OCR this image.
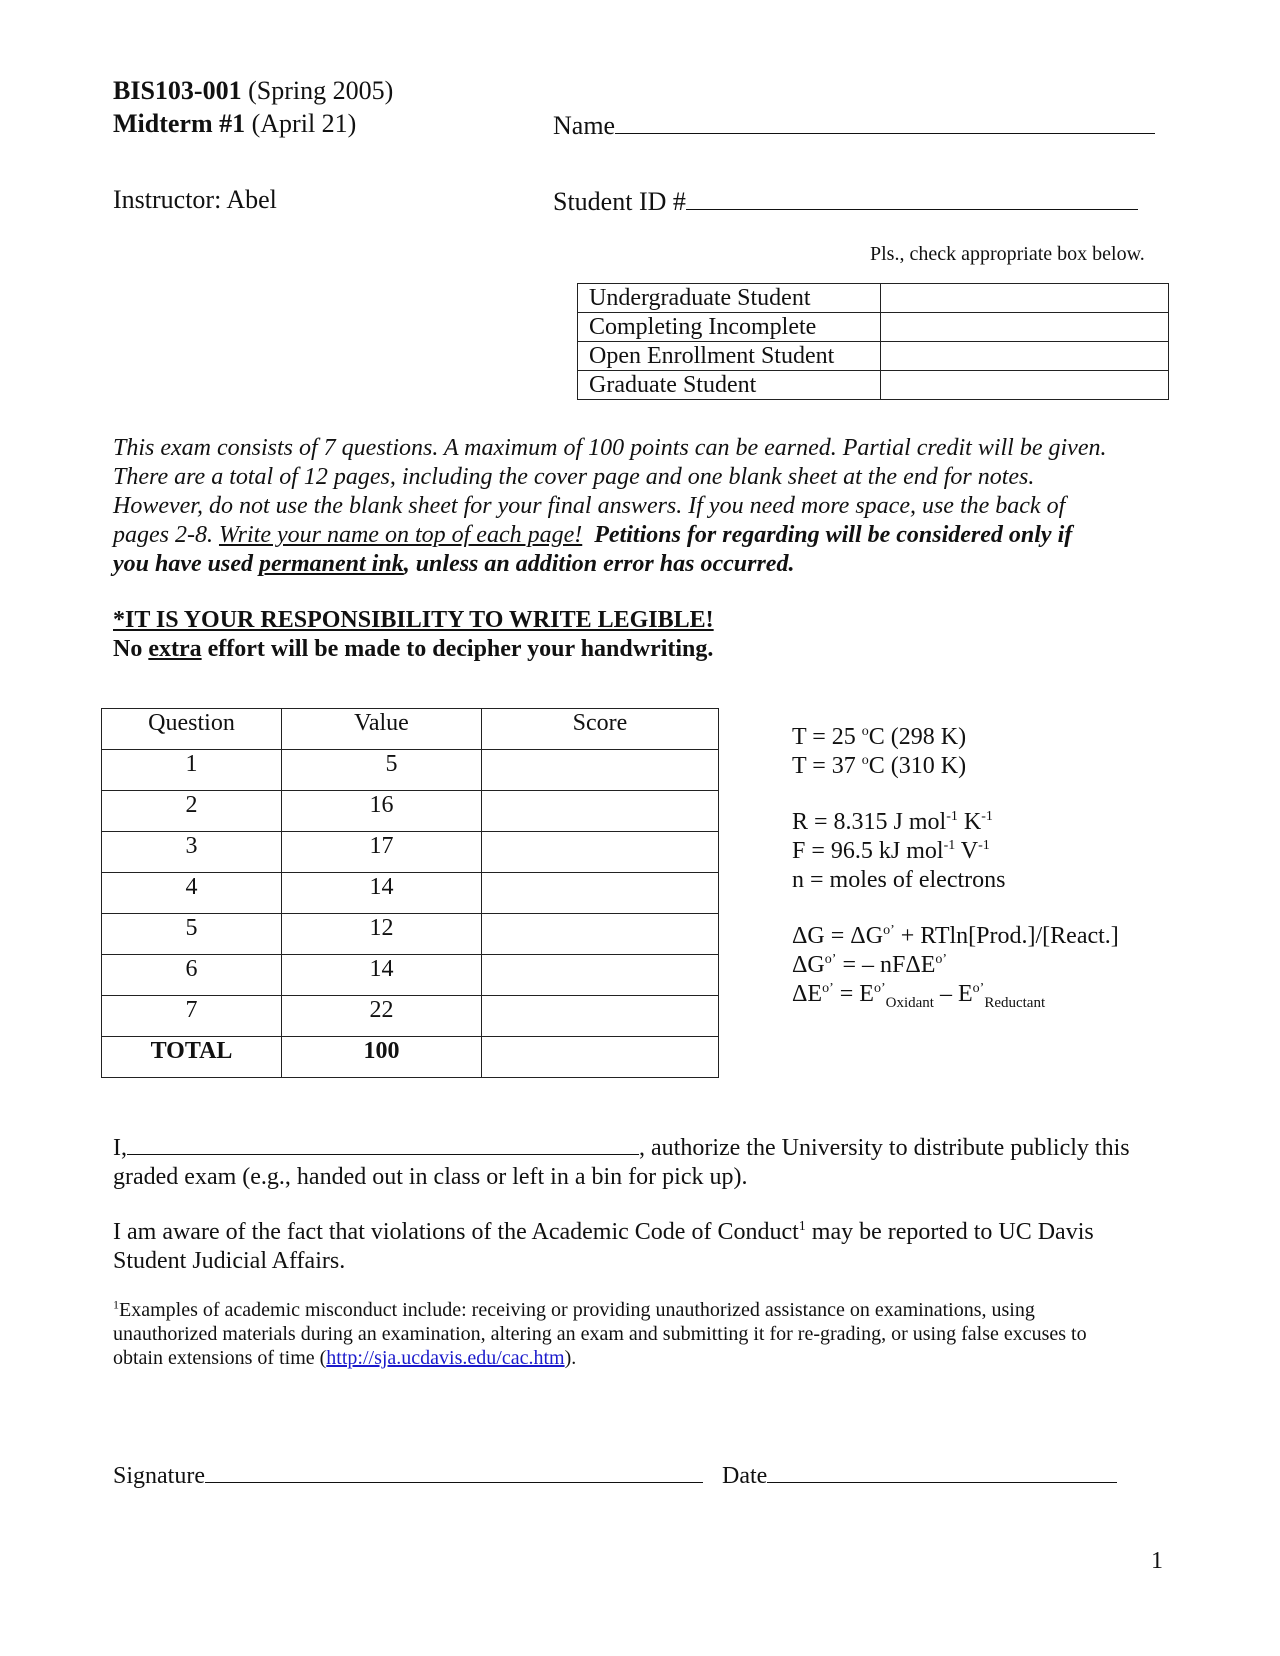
BIS103-001 (Spring 2005)
Midterm #1 (April 21)
Instructor: Abel
Name
Student ID #
Pls., check appropriate box below.
Undergraduate Student	
Completing Incomplete	
Open Enrollment Student	
Graduate Student	
This exam consists of 7 questions. A maximum of 100 points can be earned. Partial credit will be given.
There are a total of 12 pages, including the cover page and one blank sheet at the end for notes.
However, do not use the blank sheet for your final answers. If you need more space, use the back of
pages 2-8. Write your name on top of each page! Petitions for regarding will be considered only if
you have used permanent ink, unless an addition error has occurred.
*IT IS YOUR RESPONSIBILITY TO WRITE LEGIBLE!
No extra effort will be made to decipher your handwriting.
Question	Value	Score
1	5	
2	16	
3	17	
4	14	
5	12	
6	14	
7	22	
TOTAL	100	
T = 25 $^o$C (298 K)
T = 37 $^o$C (310 K)
R = 8.315 J mol$^{-1}$ $K^{-1}$
F = 96.5 kJ mol$^{-1}$ $V^{-1}$
n = moles of electrons
$\Delta G = \Delta G^{o’}$ + RTln[Prod.]/[React.]
$\Delta G^{o’}$ = – nFΔE$^{o’}$
$\Delta E^{o’} = E^{o’}_{Oxidant} - E^{o’}_{Reductant}$
I,	, authorize the University to distribute publicly this
graded exam (e.g., handed out in class or left in a bin for pick up).
I am aware of the fact that violations of the Academic Code of Conduct$^1$ may be reported to UC Davis
Student Judicial Affairs.
$^1$Examples of academic misconduct include: receiving or providing unauthorized assistance on examinations, using
unauthorized materials during an examination, altering an exam and submitting it for re-grading, or using false excuses to
obtain extensions of time (http://sja.ucdavis.edu/cac.htm).
Signature	Date
1
